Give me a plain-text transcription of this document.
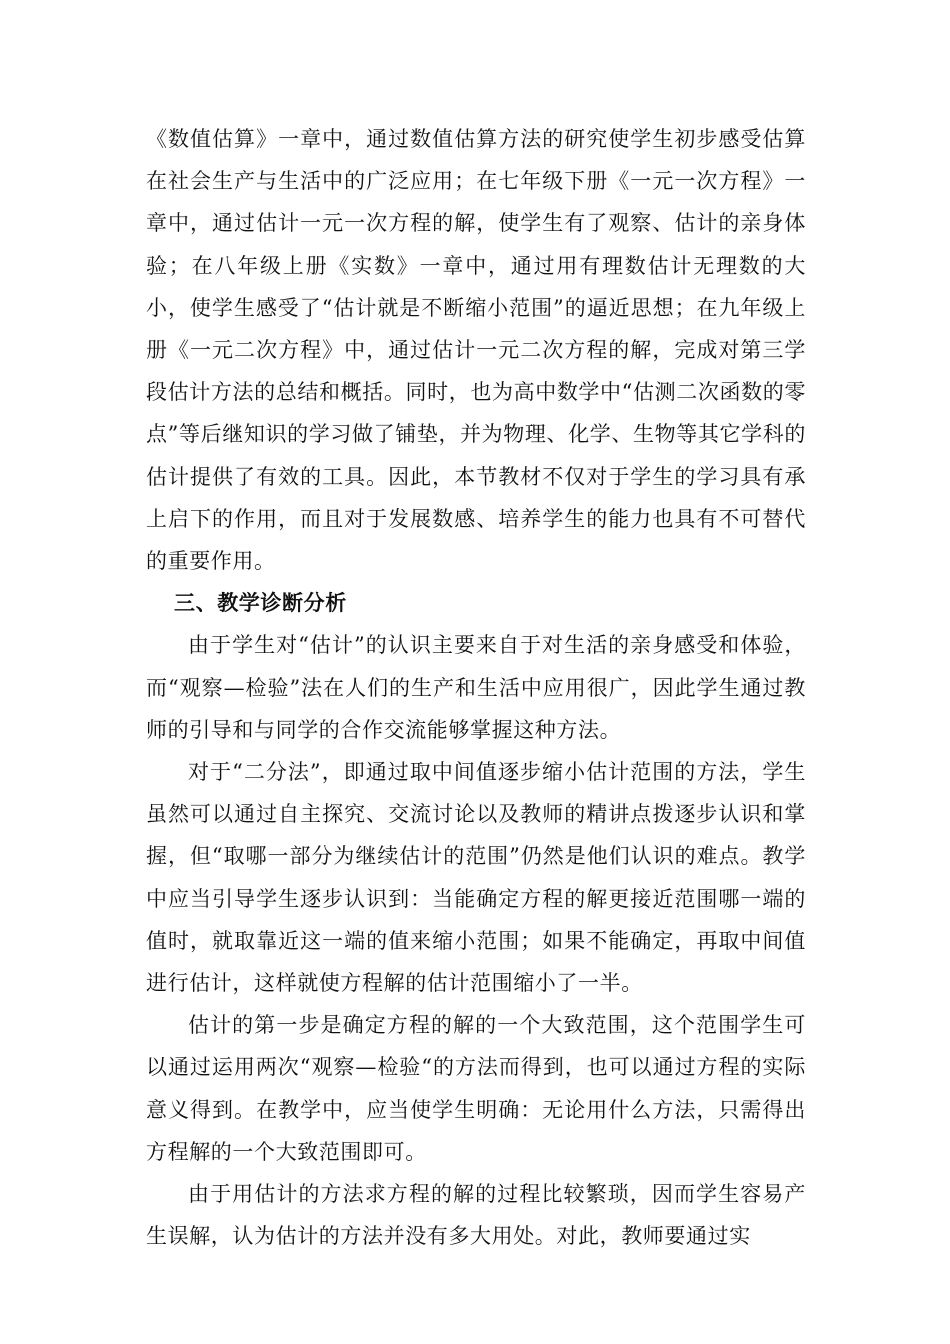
《数值估算》一章中，通过数值估算方法的研究使学生初步感受估算在社会生产与生活中的广泛应用；在七年级下册《一元一次方程》一章中，通过估计一元一次方程的解，使学生有了观察、估计的亲身体验；在八年级上册《实数》一章中，通过用有理数估计无理数的大小，使学生感受了“估计就是不断缩小范围”的逼近思想；在九年级上册《一元二次方程》中，通过估计一元二次方程的解，完成对第三学段估计方法的总结和概括。同时，也为高中数学中“估测二次函数的零点”等后继知识的学习做了铺垫，并为物理、化学、生物等其它学科的估计提供了有效的工具。因此，本节教材不仅对于学生的学习具有承上启下的作用，而且对于发展数感、培养学生的能力也具有不可替代的重要作用。

三、教学诊断分析

由于学生对“估计”的认识主要来自于对生活的亲身感受和体验，而“观察—检验”法在人们的生产和生活中应用很广，因此学生通过教师的引导和与同学的合作交流能够掌握这种方法。

对于“二分法”，即通过取中间值逐步缩小估计范围的方法，学生虽然可以通过自主探究、交流讨论以及教师的精讲点拨逐步认识和掌握，但“取哪一部分为继续估计的范围”仍然是他们认识的难点。教学中应当引导学生逐步认识到：当能确定方程的解更接近范围哪一端的值时，就取靠近这一端的值来缩小范围；如果不能确定，再取中间值进行估计，这样就使方程解的估计范围缩小了一半。

估计的第一步是确定方程的解的一个大致范围，这个范围学生可以通过运用两次“观察—检验“的方法而得到，也可以通过方程的实际意义得到。在教学中，应当使学生明确：无论用什么方法，只需得出方程解的一个大致范围即可。

由于用估计的方法求方程的解的过程比较繁琐，因而学生容易产生误解，认为估计的方法并没有多大用处。对此，教师要通过实
